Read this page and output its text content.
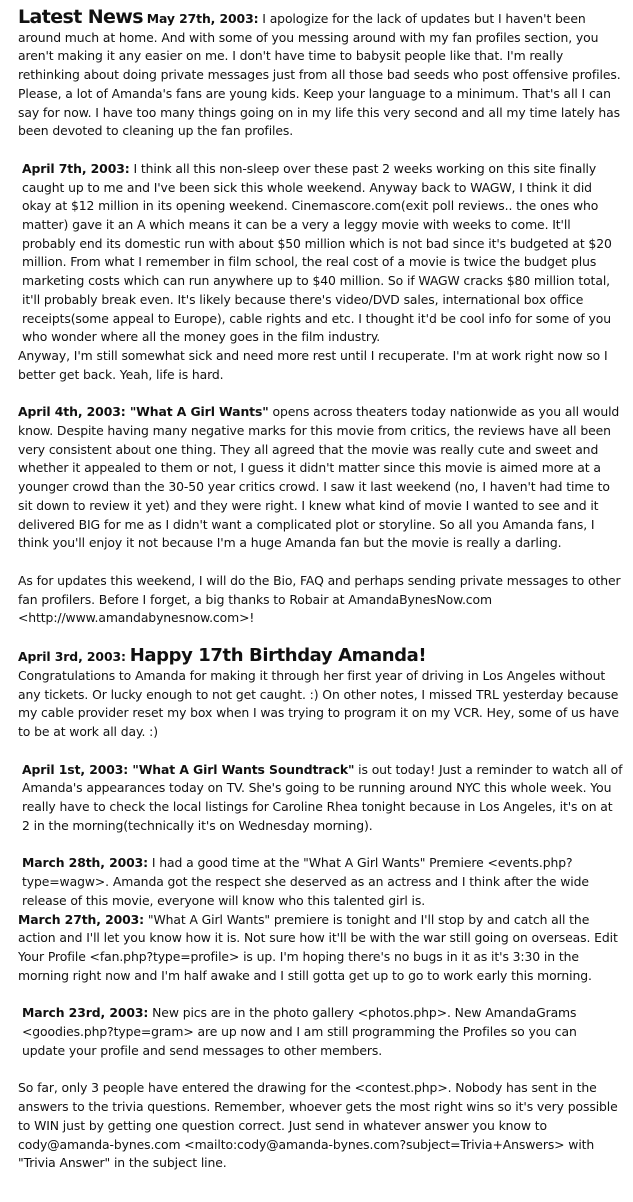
Latest News May 27th, 2003: I apologize for the lack of updates but I haven't been around much at home. And with some of you messing around with my fan profiles section, you aren't making it any easier on me. I don't have time to babysit people like that. I'm really rethinking about doing private messages just from all those bad seeds who post offensive profiles. Please, a lot of Amanda's fans are young kids. Keep your language to a minimum. That's all I can say for now. I have too many things going on in my life this very second and all my time lately has been devoted to cleaning up the fan profiles.
April 7th, 2003: I think all this non-sleep over these past 2 weeks working on this site finally caught up to me and I've been sick this whole weekend. Anyway back to WAGW, I think it did okay at $12 million in its opening weekend. Cinemascore.com(exit poll reviews.. the ones who matter) gave it an A which means it can be a very a leggy movie with weeks to come. It'll probably end its domestic run with about $50 million which is not bad since it's budgeted at $20 million. From what I remember in film school, the real cost of a movie is twice the budget plus marketing costs which can run anywhere up to $40 million. So if WAGW cracks $80 million total, it'll probably break even. It's likely because there's video/DVD sales, international box office receipts(some appeal to Europe), cable rights and etc. I thought it'd be cool info for some of you who wonder where all the money goes in the film industry.
Anyway, I'm still somewhat sick and need more rest until I recuperate. I'm at work right now so I better get back. Yeah, life is hard.
April 4th, 2003: "What A Girl Wants" opens across theaters today nationwide as you all would know. Despite having many negative marks for this movie from critics, the reviews have all been very consistent about one thing. They all agreed that the movie was really cute and sweet and whether it appealed to them or not, I guess it didn't matter since this movie is aimed more at a younger crowd than the 30-50 year critics crowd. I saw it last weekend (no, I haven't had time to sit down to review it yet) and they were right. I knew what kind of movie I wanted to see and it delivered BIG for me as I didn't want a complicated plot or storyline. So all you Amanda fans, I think you'll enjoy it not because I'm a huge Amanda fan but the movie is really a darling.

As for updates this weekend, I will do the Bio, FAQ and perhaps sending private messages to other fan profilers. Before I forget, a big thanks to Robair at AmandaBynesNow.com <http://www.amandabynesnow.com>!

April 3rd, 2003: Happy 17th Birthday Amanda!
Congratulations to Amanda for making it through her first year of driving in Los Angeles without any tickets. Or lucky enough to not get caught. :) On other notes, I missed TRL yesterday because my cable provider reset my box when I was trying to program it on my VCR. Hey, some of us have to be at work all day. :)
April 1st, 2003: "What A Girl Wants Soundtrack" is out today! Just a reminder to watch all of Amanda's appearances today on TV. She's going to be running around NYC this whole week. You really have to check the local listings for Caroline Rhea tonight because in Los Angeles, it's on at 2 in the morning(technically it's on Wednesday morning).
March 28th, 2003: I had a good time at the "What A Girl Wants" Premiere <events.php?type=wagw>. Amanda got the respect she deserved as an actress and I think after the wide release of this movie, everyone will know who this talented girl is.
March 27th, 2003: "What A Girl Wants" premiere is tonight and I'll stop by and catch all the action and I'll let you know how it is. Not sure how it'll be with the war still going on overseas. Edit Your Profile <fan.php?type=profile> is up. I'm hoping there's no bugs in it as it's 3:30 in the morning right now and I'm half awake and I still gotta get up to go to work early this morning.
March 23rd, 2003: New pics are in the photo gallery <photos.php>. New AmandaGrams <goodies.php?type=gram> are up now and I am still programming the Profiles so you can update your profile and send messages to other members.

So far, only 3 people have entered the drawing for the <contest.php>. Nobody has sent in the answers to the trivia questions. Remember, whoever gets the most right wins so it's very possible to WIN just by getting one question correct. Just send in whatever answer you know to cody@amanda-bynes.com <mailto:cody@amanda-bynes.com?subject=Trivia+Answers> with "Trivia Answer" in the subject line.
